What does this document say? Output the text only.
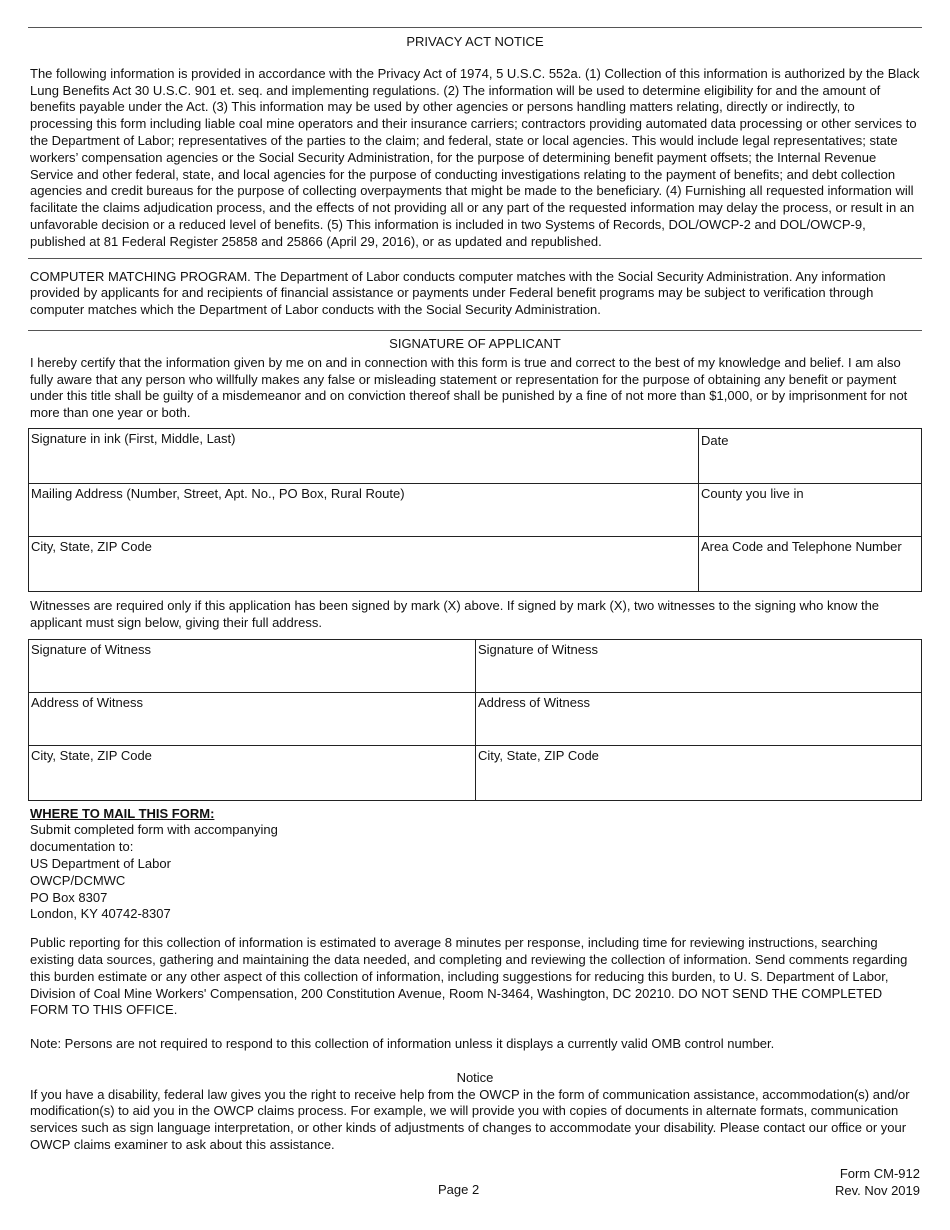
PRIVACY ACT NOTICE

The following information is provided in accordance with the Privacy Act of 1974, 5 U.S.C. 552a. (1) Collection of this information is authorized by the Black Lung Benefits Act 30 U.S.C. 901 et. seq. and implementing regulations. (2) The information will be used to determine eligibility for and the amount of benefits payable under the Act. (3) This information may be used by other agencies or persons handling matters relating, directly or indirectly, to processing this form including liable coal mine operators and their insurance carriers; contractors providing automated data processing or other services to the Department of Labor; representatives of the parties to the claim; and federal, state or local agencies. This would include legal representatives; state workers’ compensation agencies or the Social Security Administration, for the purpose of determining benefit payment offsets; the Internal Revenue Service and other federal, state, and local agencies for the purpose of conducting investigations relating to the payment of benefits; and debt collection agencies and credit bureaus for the purpose of collecting overpayments that might be made to the beneficiary. (4) Furnishing all requested information will facilitate the claims adjudication process, and the effects of not providing all or any part of the requested information may delay the process, or result in an unfavorable decision or a reduced level of benefits. (5) This information is included in two Systems of Records, DOL/OWCP-2 and DOL/OWCP-9, published at 81 Federal Register 25858 and 25866 (April 29, 2016), or as updated and republished.

COMPUTER MATCHING PROGRAM. The Department of Labor conducts computer matches with the Social Security Administration. Any information provided by applicants for and recipients of financial assistance or payments under Federal benefit programs may be subject to verification through computer matches which the Department of Labor conducts with the Social Security Administration.

SIGNATURE OF APPLICANT

I hereby certify that the information given by me on and in connection with this form is true and correct to the best of my knowledge and belief. I am also fully aware that any person who willfully makes any false or misleading statement or representation for the purpose of obtaining any benefit or payment under this title shall be guilty of a misdemeanor and on conviction thereof shall be punished by a fine of not more than $1,000, or by imprisonment for not more than one year or both.

Signature in ink (First, Middle, Last)	Date
Mailing Address (Number, Street, Apt. No., PO Box, Rural Route)	County you live in
City, State, ZIP Code	Area Code and Telephone Number

Witnesses are required only if this application has been signed by mark (X) above. If signed by mark (X), two witnesses to the signing who know the applicant must sign below, giving their full address.

Signature of Witness	Signature of Witness
Address of Witness	Address of Witness
City, State, ZIP Code	City, State, ZIP Code
WHERE TO MAIL THIS FORM:
Submit completed form with accompanying
documentation to:
US Department of Labor
OWCP/DCMWC
PO Box 8307
London, KY 40742-8307

Public reporting for this collection of information is estimated to average 8 minutes per response, including time for reviewing instructions, searching existing data sources, gathering and maintaining the data needed, and completing and reviewing the collection of information. Send comments regarding this burden estimate or any other aspect of this collection of information, including suggestions for reducing this burden, to U. S. Department of Labor, Division of Coal Mine Workers' Compensation, 200 Constitution Avenue, Room N-3464, Washington, DC 20210. DO NOT SEND THE COMPLETED FORM TO THIS OFFICE.

Note: Persons are not required to respond to this collection of information unless it displays a currently valid OMB control number.

Notice

If you have a disability, federal law gives you the right to receive help from the OWCP in the form of communication assistance, accommodation(s) and/or modification(s) to aid you in the OWCP claims process. For example, we will provide you with copies of documents in alternate formats, communication services such as sign language interpretation, or other kinds of adjustments of changes to accommodate your disability. Please contact our office or your OWCP claims examiner to ask about this assistance.

Page 2
Form CM-912
Rev. Nov 2019
